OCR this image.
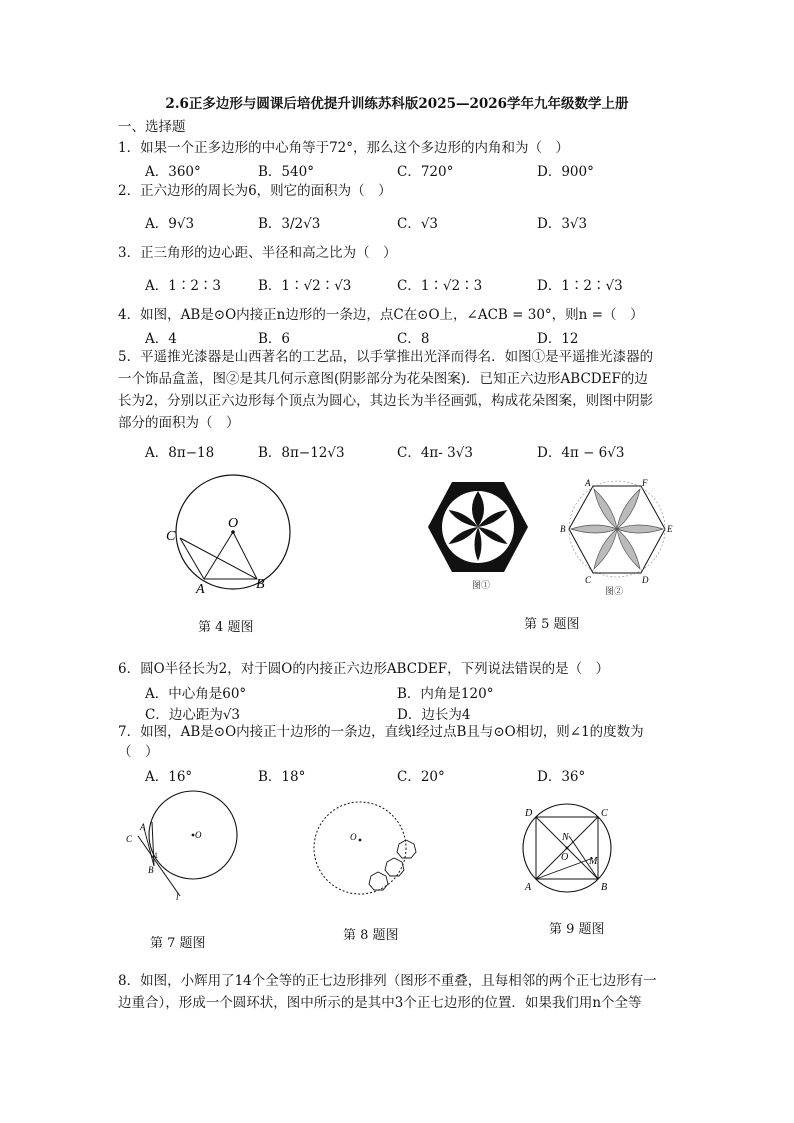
2.6正多边形与圆课后培优提升训练苏科版2025—2026学年九年级数学上册
一、选择题
1．如果一个正多边形的中心角等于72°，那么这个多边形的内角和为（　）
A．360°	B．540°	C．720°	D．900°
2．正六边形的周长为6，则它的面积为（　）
A．9√3	B．3/2√3	C．√3	D．3√3
3．正三角形的边心距、半径和高之比为（　）
A．1∶2∶3	B．1∶√2∶√3	C．1∶√2∶3	D．1∶2∶√3
4．如图，AB是⊙O内接正n边形的一条边，点C在⊙O上，∠ACB = 30°，则n =（　）
A．4	B．6	C．8	D．12
5．平遥推光漆器是山西著名的工艺品，以手掌推出光泽而得名．如图①是平遥推光漆器的
一个饰品盒盖，图②是其几何示意图(阴影部分为花朵图案)．已知正六边形ABCDEF的边
长为2，分别以正六边形每个顶点为圆心，其边长为半径画弧，构成花朵图案，则图中阴影
部分的面积为（　）
A．8π−18	B．8π−12√3	C．4π- 3√3	D．4π − 6√3
O
C
A	B
第 4 题图
图①
A	F
B	E
C	D
图②
第 5 题图
6．圆O半径长为2，对于圆O的内接正六边形ABCDEF，下列说法错误的是（　）
A．中心角是60°	B．内角是120°
C．边心距为√3	D．边长为4
7．如图，AB是⊙O内接正十边形的一条边，直线l经过点B且与⊙O相切，则∠1的度数为
（　）
A．16°	B．18°	C．20°	D．36°
O
A
C
B
1
l
第 7 题图
O
第 8 题图
D	C
N
O M
A	B
第 9 题图
8．如图，小辉用了14个全等的正七边形排列（图形不重叠，且每相邻的两个正七边形有一
边重合），形成一个圆环状，图中所示的是其中3个正七边形的位置．如果我们用n个全等
